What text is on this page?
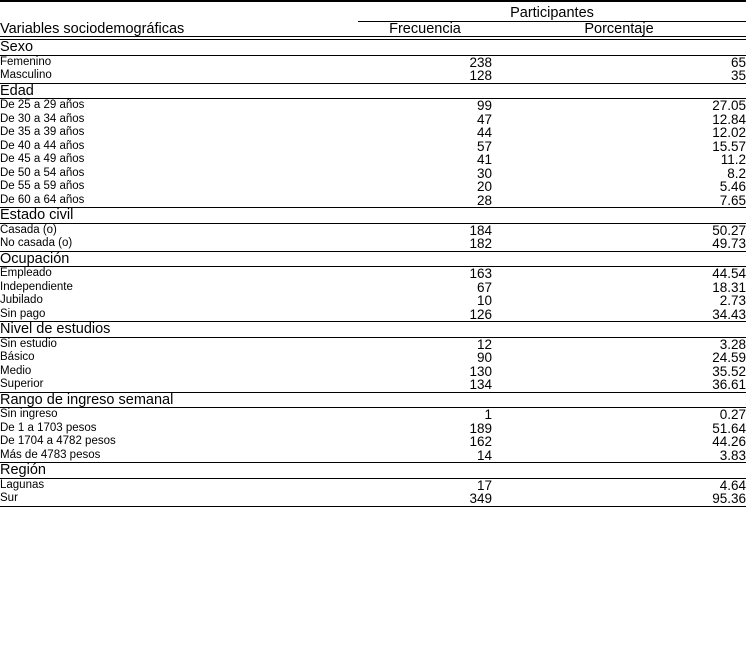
Variables sociodemográficas	Participantes	
	Frecuencia	Porcentaje

Sexo		
Femenino	238	65
Masculino	128	35
Edad		
De 25 a 29 años	99	27.05
De 30 a 34 años	47	12.84
De 35 a 39 años	44	12.02
De 40 a 44 años	57	15.57
De 45 a 49 años	41	11.2
De 50 a 54 años	30	8.2
De 55 a 59 años	20	5.46
De 60 a 64 años	28	7.65
Estado civil		
Casada (o)	184	50.27
No casada (o)	182	49.73
Ocupación		
Empleado	163	44.54
Independiente	67	18.31
Jubilado	10	2.73
Sin pago	126	34.43
Nivel de estudios		
Sin estudio	12	3.28
Básico	90	24.59
Medio	130	35.52
Superior	134	36.61
Rango de ingreso semanal		
Sin ingreso	1	0.27
De 1 a 1703 pesos	189	51.64
De 1704 a 4782 pesos	162	44.26
Más de 4783 pesos	14	3.83
Región		
Lagunas	17	4.64
Sur	349	95.36
